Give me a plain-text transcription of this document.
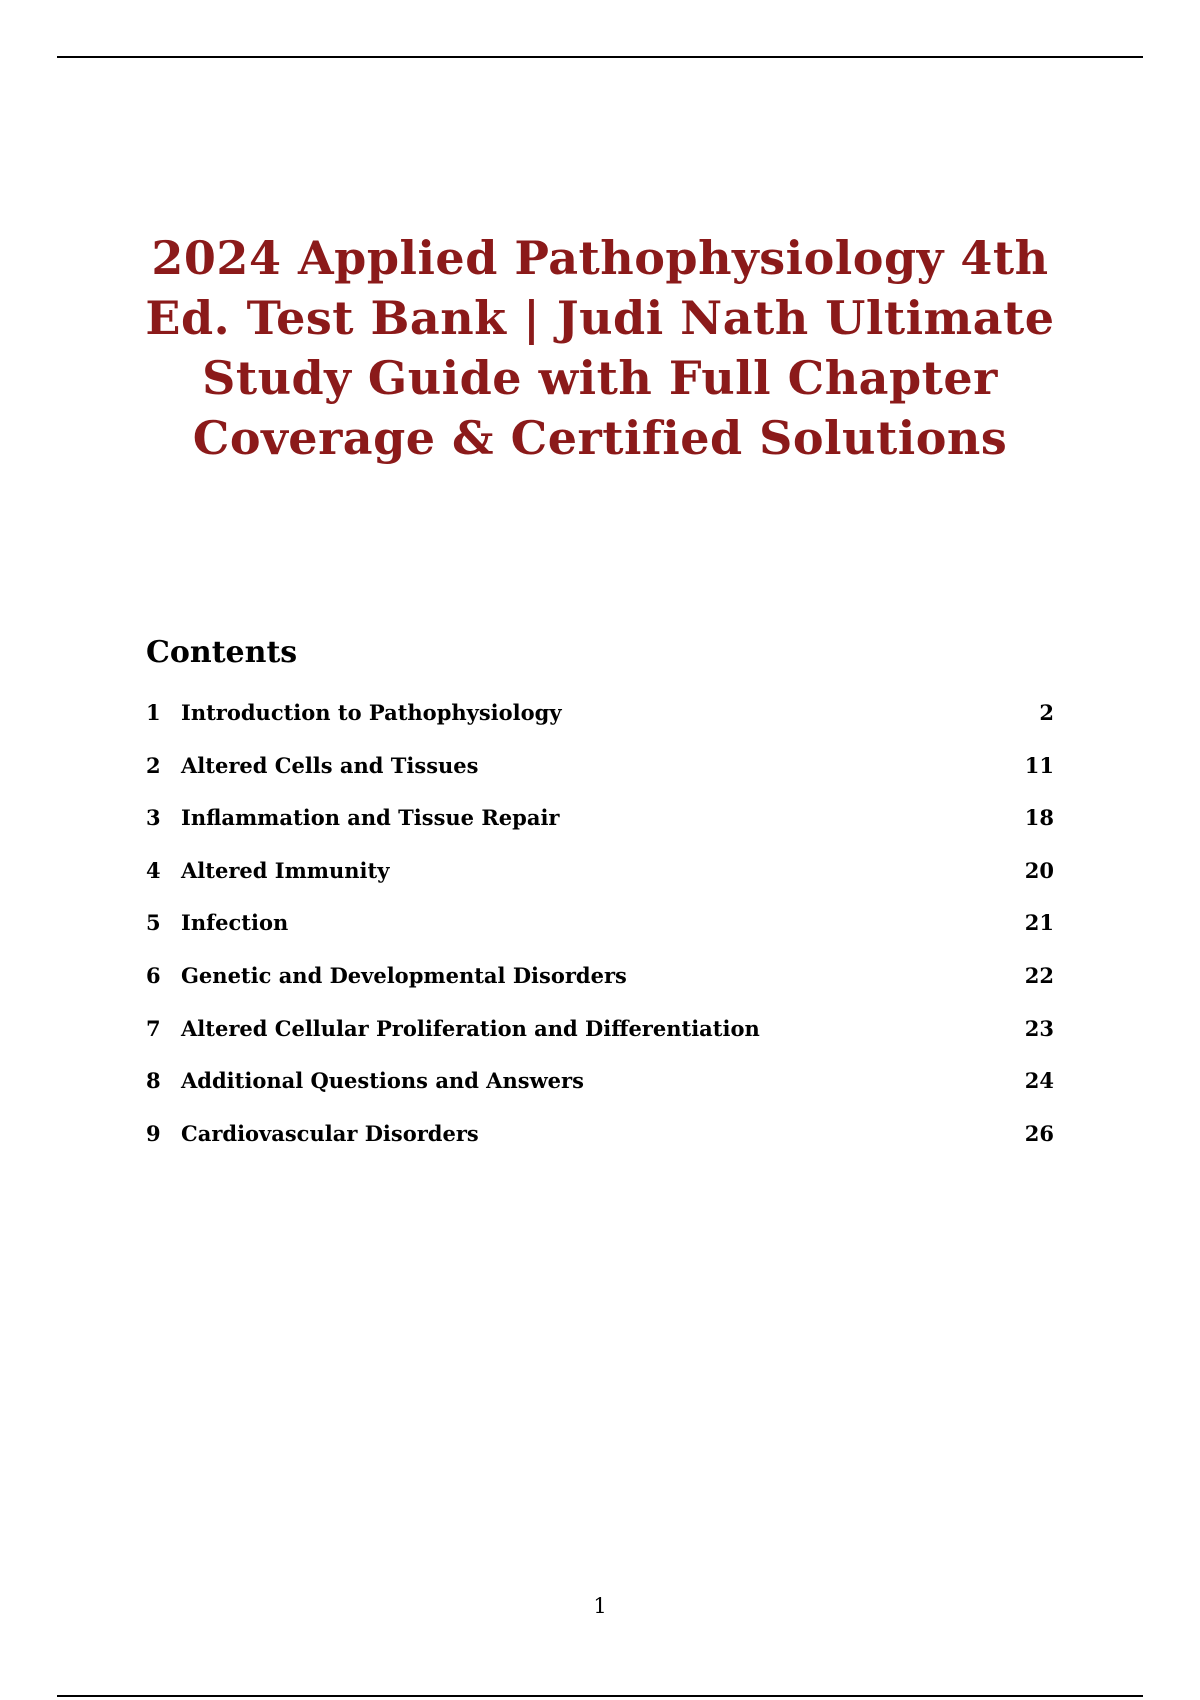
2024 Applied Pathophysiology 4th Ed. Test Bank | Judi Nath Ultimate Study Guide with Full Chapter Coverage & Certified Solutions
Contents
1 Introduction to Pathophysiology	2
2 Altered Cells and Tissues	11
3 Inflammation and Tissue Repair	18
4 Altered Immunity	20
5 Infection	21
6 Genetic and Developmental Disorders	22
7 Altered Cellular Proliferation and Differentiation	23
8 Additional Questions and Answers	24
9 Cardiovascular Disorders	26
1
